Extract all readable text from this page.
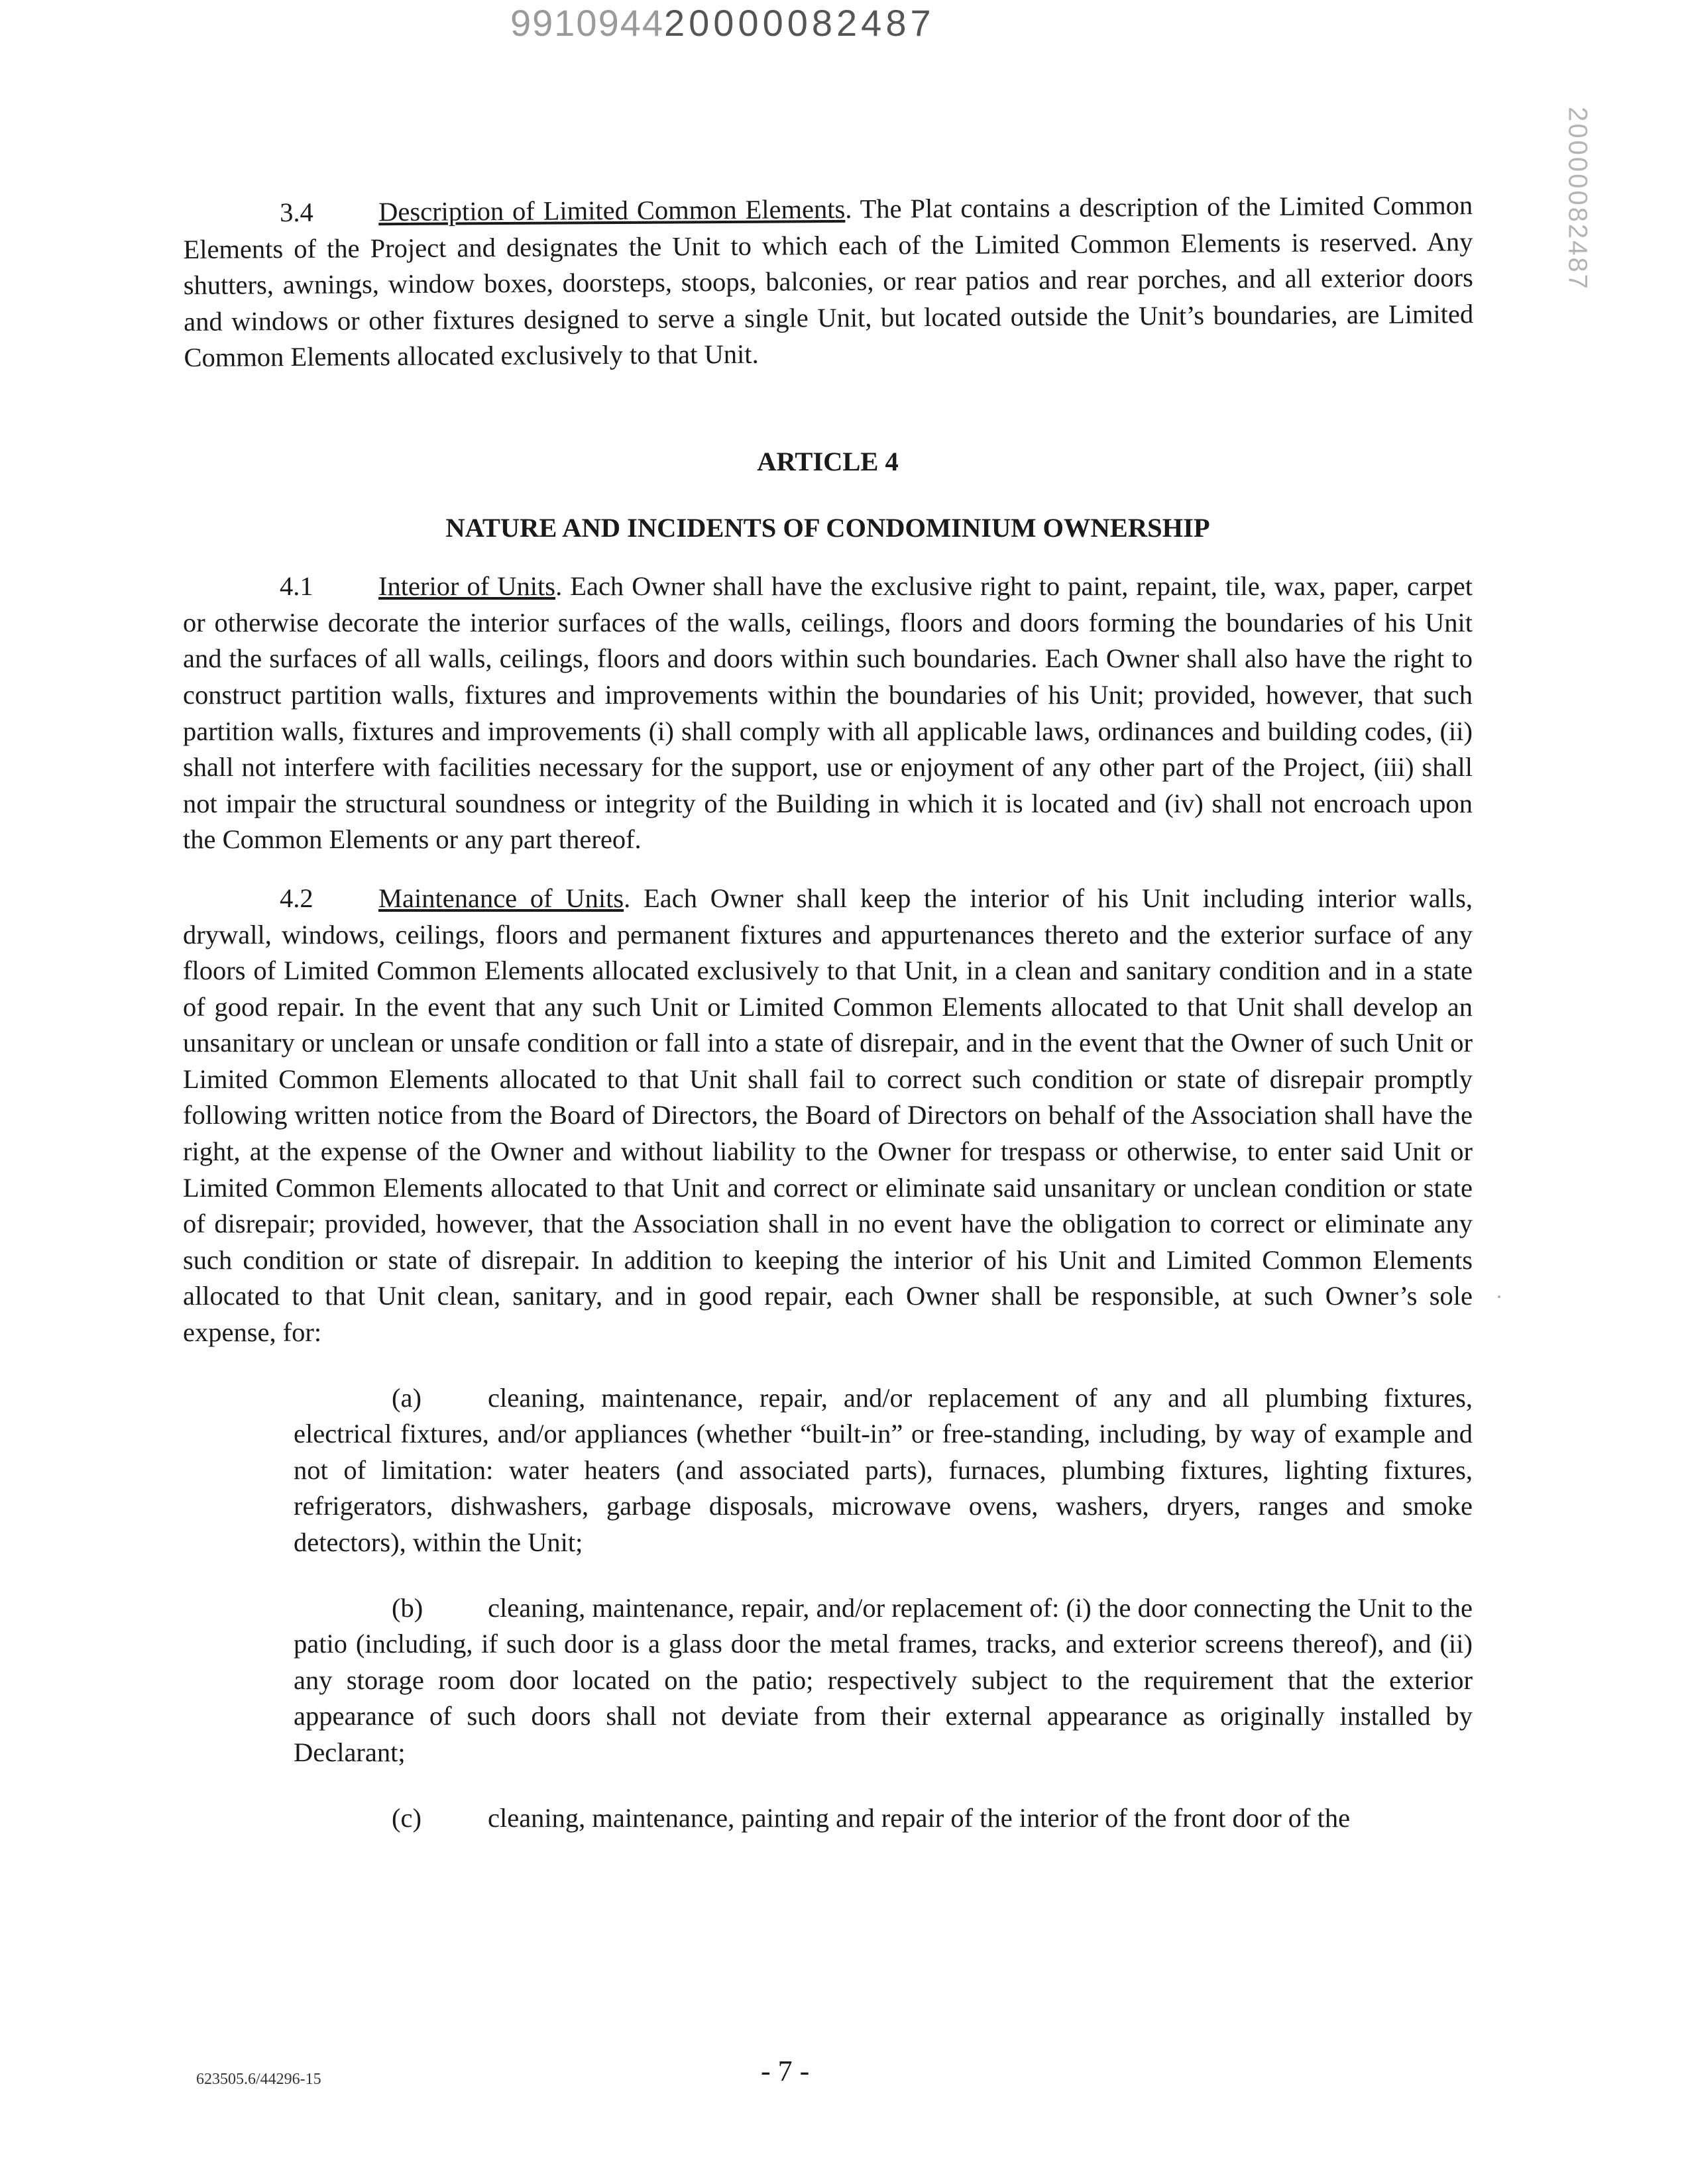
991094420000082487
20000082487

3.4 Description of Limited Common Elements. The Plat contains a description of the Limited Common Elements of the Project and designates the Unit to which each of the Limited Common Elements is reserved. Any shutters, awnings, window boxes, doorsteps, stoops, balconies, or rear patios and rear porches, and all exterior doors and windows or other fixtures designed to serve a single Unit, but located outside the Unit’s boundaries, are Limited Common Elements allocated exclusively to that Unit.

ARTICLE 4

NATURE AND INCIDENTS OF CONDOMINIUM OWNERSHIP

4.1 Interior of Units. Each Owner shall have the exclusive right to paint, repaint, tile, wax, paper, carpet or otherwise decorate the interior surfaces of the walls, ceilings, floors and doors forming the boundaries of his Unit and the surfaces of all walls, ceilings, floors and doors within such boundaries. Each Owner shall also have the right to construct partition walls, fixtures and improvements within the boundaries of his Unit; provided, however, that such partition walls, fixtures and improvements (i) shall comply with all applicable laws, ordinances and building codes, (ii) shall not interfere with facilities necessary for the support, use or enjoyment of any other part of the Project, (iii) shall not impair the structural soundness or integrity of the Building in which it is located and (iv) shall not encroach upon the Common Elements or any part thereof.

4.2 Maintenance of Units. Each Owner shall keep the interior of his Unit including interior walls, drywall, windows, ceilings, floors and permanent fixtures and appurtenances thereto and the exterior surface of any floors of Limited Common Elements allocated exclusively to that Unit, in a clean and sanitary condition and in a state of good repair. In the event that any such Unit or Limited Common Elements allocated to that Unit shall develop an unsanitary or unclean or unsafe condition or fall into a state of disrepair, and in the event that the Owner of such Unit or Limited Common Elements allocated to that Unit shall fail to correct such condition or state of disrepair promptly following written notice from the Board of Directors, the Board of Directors on behalf of the Association shall have the right, at the expense of the Owner and without liability to the Owner for trespass or otherwise, to enter said Unit or Limited Common Elements allocated to that Unit and correct or eliminate said unsanitary or unclean condition or state of disrepair; provided, however, that the Association shall in no event have the obligation to correct or eliminate any such condition or state of disrepair. In addition to keeping the interior of his Unit and Limited Common Elements allocated to that Unit clean, sanitary, and in good repair, each Owner shall be responsible, at such Owner’s sole expense, for:

(a) cleaning, maintenance, repair, and/or replacement of any and all plumbing fixtures, electrical fixtures, and/or appliances (whether “built-in” or free-standing, including, by way of example and not of limitation: water heaters (and associated parts), furnaces, plumbing fixtures, lighting fixtures, refrigerators, dishwashers, garbage disposals, microwave ovens, washers, dryers, ranges and smoke detectors), within the Unit;

(b) cleaning, maintenance, repair, and/or replacement of: (i) the door connecting the Unit to the patio (including, if such door is a glass door the metal frames, tracks, and exterior screens thereof), and (ii) any storage room door located on the patio; respectively subject to the requirement that the exterior appearance of such doors shall not deviate from their external appearance as originally installed by Declarant;

(c) cleaning, maintenance, painting and repair of the interior of the front door of the

623505.6/44296-15	- 7 -
